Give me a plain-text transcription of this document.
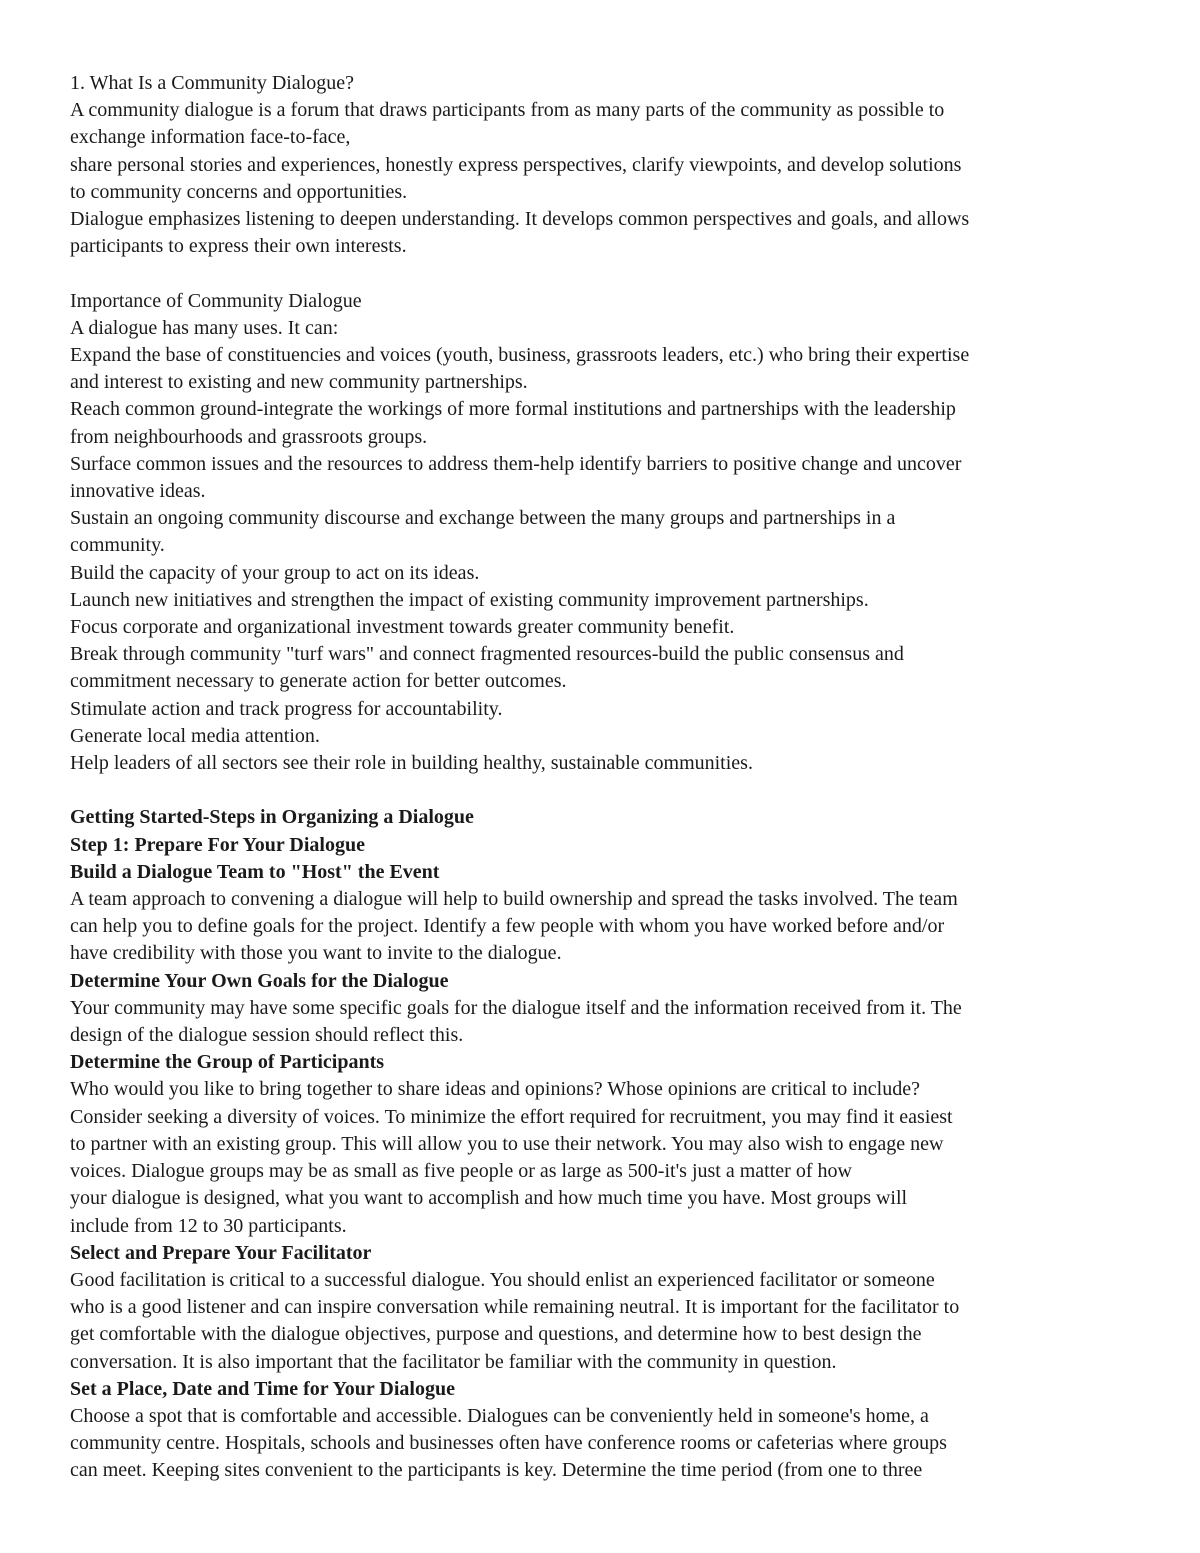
1. What Is a Community Dialogue?
A community dialogue is a forum that draws participants from as many parts of the community as possible to
exchange information face-to-face,
share personal stories and experiences, honestly express perspectives, clarify viewpoints, and develop solutions
to community concerns and opportunities.
Dialogue emphasizes listening to deepen understanding. It develops common perspectives and goals, and allows
participants to express their own interests.
Importance of Community Dialogue
A dialogue has many uses. It can:
Expand the base of constituencies and voices (youth, business, grassroots leaders, etc.) who bring their expertise
and interest to existing and new community partnerships.
Reach common ground-integrate the workings of more formal institutions and partnerships with the leadership
from neighbourhoods and grassroots groups.
Surface common issues and the resources to address them-help identify barriers to positive change and uncover
innovative ideas.
Sustain an ongoing community discourse and exchange between the many groups and partnerships in a
community.
Build the capacity of your group to act on its ideas.
Launch new initiatives and strengthen the impact of existing community improvement partnerships.
Focus corporate and organizational investment towards greater community benefit.
Break through community "turf wars" and connect fragmented resources-build the public consensus and
commitment necessary to generate action for better outcomes.
Stimulate action and track progress for accountability.
Generate local media attention.
Help leaders of all sectors see their role in building healthy, sustainable communities.
Getting Started-Steps in Organizing a Dialogue
Step 1: Prepare For Your Dialogue
Build a Dialogue Team to "Host" the Event
A team approach to convening a dialogue will help to build ownership and spread the tasks involved. The team
can help you to define goals for the project. Identify a few people with whom you have worked before and/or
have credibility with those you want to invite to the dialogue.
Determine Your Own Goals for the Dialogue
Your community may have some specific goals for the dialogue itself and the information received from it. The
design of the dialogue session should reflect this.
Determine the Group of Participants
Who would you like to bring together to share ideas and opinions? Whose opinions are critical to include?
Consider seeking a diversity of voices. To minimize the effort required for recruitment, you may find it easiest
to partner with an existing group. This will allow you to use their network. You may also wish to engage new
voices. Dialogue groups may be as small as five people or as large as 500-it's just a matter of how
your dialogue is designed, what you want to accomplish and how much time you have. Most groups will
include from 12 to 30 participants.
Select and Prepare Your Facilitator
Good facilitation is critical to a successful dialogue. You should enlist an experienced facilitator or someone
who is a good listener and can inspire conversation while remaining neutral. It is important for the facilitator to
get comfortable with the dialogue objectives, purpose and questions, and determine how to best design the
conversation. It is also important that the facilitator be familiar with the community in question.
Set a Place, Date and Time for Your Dialogue
Choose a spot that is comfortable and accessible. Dialogues can be conveniently held in someone's home, a
community centre. Hospitals, schools and businesses often have conference rooms or cafeterias where groups
can meet. Keeping sites convenient to the participants is key. Determine the time period (from one to three
